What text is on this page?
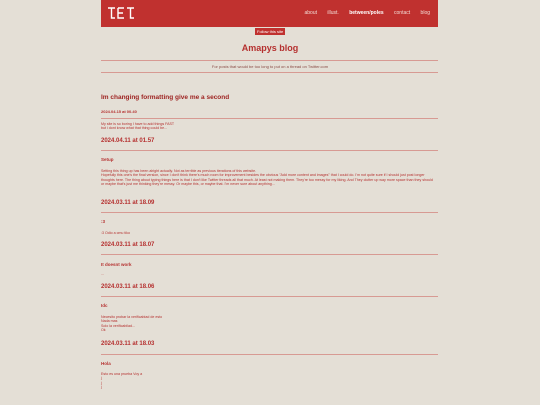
about illust. between/poles contact blog
Follow this site
Amapys blog
For posts that would be too long to put on a thread on Twitter.com
Im changing formatting give me a second
2024.04.15 at 00.40
My site is so boring I have to add things FAST
but i dont know what that thing could be...
2024.04.11 at 01.57
Setup
Setting this thing up has been alright actually. Not as terrible as previous iterations of this website.
Hopefully this one's the final version, since I don't think there's much room for improvement besides the obvious "Add more content and images" that I could do. I'm not quite sure if I should just post longer thoughts here. The thing about typing things here is that I don't like Twitter threads all that much. At least not making them. They're too messy for my liking. And They clutter up way more space than they should
or maybe that's just me thinking they're messy. Or maybe this, or maybe that. I'm never sure about anything...
2024.03.11 at 18.09
:3
:3 Odio a cmu tiko
2024.03.11 at 18.07
It doesnt work
...
2024.03.11 at 18.06
Idc
Necesito probar la verificabiad de esto
Nada mas
Solo la verificabilad...
Ok
2024.03.11 at 18.03
Hola
Esto es una prueba Voy a
j
j
j
